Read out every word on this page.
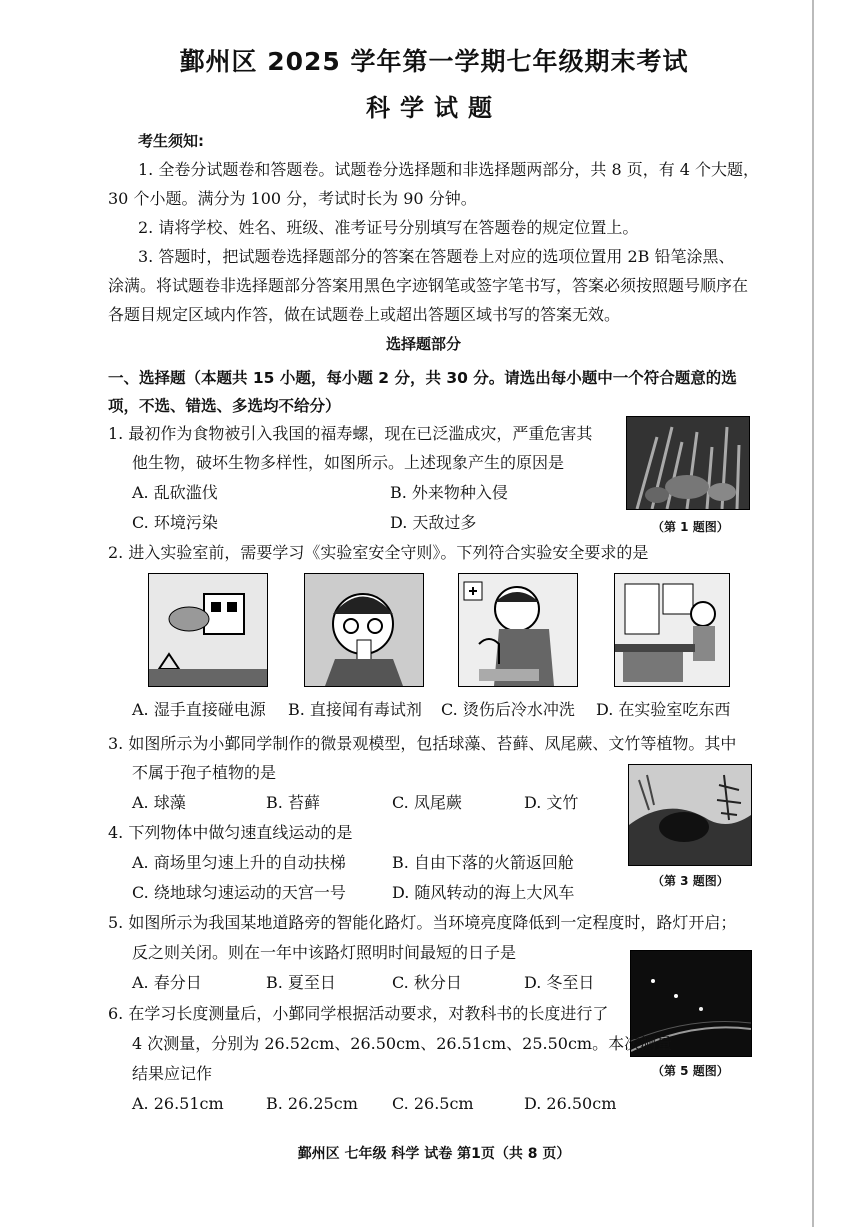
鄞州区 2025 学年第一学期七年级期末考试
科学试题
考生须知:
1. 全卷分试题卷和答题卷。试题卷分选择题和非选择题两部分，共 8 页，有 4 个大题，
30 个小题。满分为 100 分，考试时长为 90 分钟。
2. 请将学校、姓名、班级、准考证号分别填写在答题卷的规定位置上。
3. 答题时，把试题卷选择题部分的答案在答题卷上对应的选项位置用 2B 铅笔涂黑、
涂满。将试题卷非选择题部分答案用黑色字迹钢笔或签字笔书写，答案必须按照题号顺序在
各题目规定区域内作答，做在试题卷上或超出答题区域书写的答案无效。
选择题部分
一、选择题（本题共 15 小题，每小题 2 分，共 30 分。请选出每小题中一个符合题意的选
项，不选、错选、多选均不给分）
1. 最初作为食物被引入我国的福寿螺，现在已泛滥成灾，严重危害其
他生物，破坏生物多样性，如图所示。上述现象产生的原因是
A. 乱砍滥伐	B. 外来物种入侵
C. 环境污染	D. 天敌过多	（第 1 题图）
2. 进入实验室前，需要学习《实验室安全守则》。下列符合实验安全要求的是
A. 湿手直接碰电源 B. 直接闻有毒试剂 C. 烫伤后冷水冲洗 D. 在实验室吃东西
3. 如图所示为小鄞同学制作的微景观模型，包括球藻、苔藓、凤尾蕨、文竹等植物。其中
不属于孢子植物的是
A. 球藻	B. 苔藓	C. 凤尾蕨	D. 文竹
（第 3 题图）
4. 下列物体中做匀速直线运动的是
A. 商场里匀速上升的自动扶梯	B. 自由下落的火箭返回舱
C. 绕地球匀速运动的天宫一号	D. 随风转动的海上大风车
5. 如图所示为我国某地道路旁的智能化路灯。当环境亮度降低到一定程度时，路灯开启；
反之则关闭。则在一年中该路灯照明时间最短的日子是
A. 春分日	B. 夏至日	C. 秋分日	D. 冬至日
（第 5 题图）
6. 在学习长度测量后，小鄞同学根据活动要求，对教科书的长度进行了
4 次测量，分别为 26.52cm、26.50cm、26.51cm、25.50cm。本次测量
结果应记作
A. 26.51cm	B. 26.25cm C. 26.5cm	D. 26.50cm
鄞州区 七年级 科学 试卷 第1页（共 8 页）
